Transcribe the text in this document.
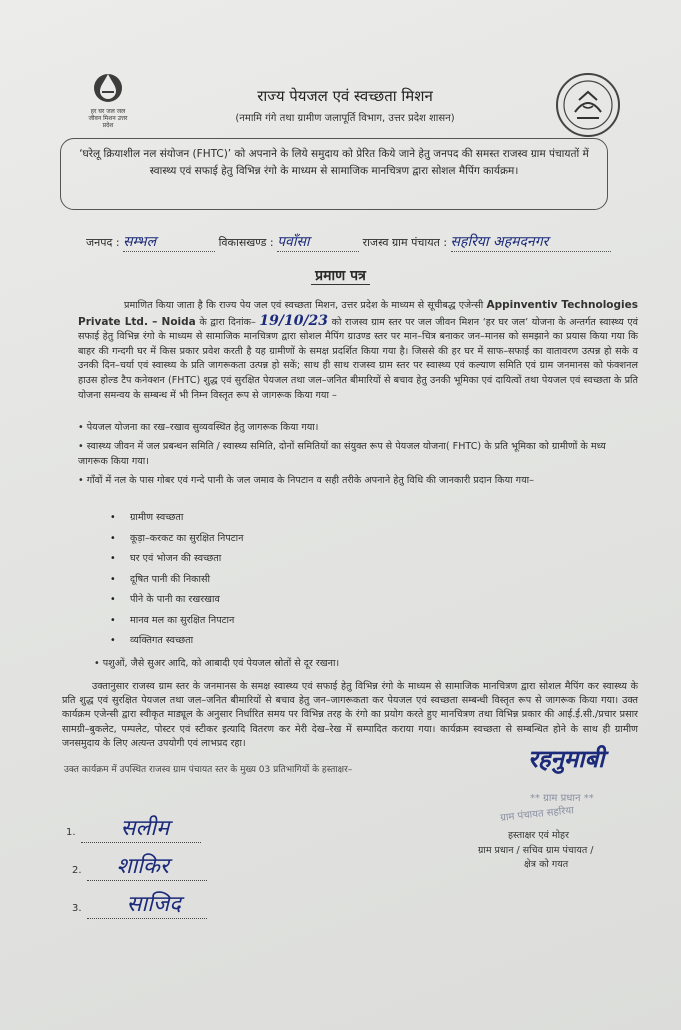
हर घर जल जल जीवन मिशन उत्तर प्रदेश
राज्य पेयजल एवं स्वच्छता मिशन
(नमामि गंगे तथा ग्रामीण जलापूर्ति विभाग, उत्तर प्रदेश शासन)
‘घरेलू क्रियाशील नल संयोजन (FHTC)’ को अपनाने के लिये समुदाय को प्रेरित किये जाने हेतु जनपद की समस्त राजस्व ग्राम पंचायतों में स्वास्थ्य एवं सफाई हेतु विभिन्न रंगो के माध्यम से सामाजिक मानचित्रण द्वारा सोशल मैपिंग कार्यक्रम।
जनपद : सम्भल	विकासखण्ड : पवाँसा	राजस्व ग्राम पंचायत : सहरिया अहमदनगर
प्रमाण पत्र
प्रमाणित किया जाता है कि राज्य पेय जल एवं स्वच्छता मिशन, उत्तर प्रदेश के माध्यम से सूचीबद्ध एजेन्सी Appinventiv Technologies Private Ltd. – Noida के द्वारा दिनांक– 19/10/23 को राजस्व ग्राम स्तर पर जल जीवन मिशन ‘हर घर जल’ योजना के अन्तर्गत स्वास्थ्य एवं सफाई हेतु विभिन्न रंगो के माध्यम से सामाजिक मानचित्रण द्वारा सोशल मैपिंग ग्राउण्ड स्तर पर मान–चित्र बनाकर जन–मानस को समझाने का प्रयास किया गया कि बाहर की गन्दगी घर में किस प्रकार प्रवेश करती है यह ग्रामीणों के समक्ष प्रदर्शित किया गया है। जिससे की हर घर में साफ–सफाई का वातावरण उत्पन्न हो सके व उनकी दिन–चर्या एवं स्वास्थ्य के प्रति जागरूकता उत्पन्न हो सकें; साथ ही साथ राजस्व ग्राम स्तर पर स्वास्थ्य एवं कल्याण समिति एवं ग्राम जनमानस को फंक्शनल हाउस होल्ड टैप कनेक्शन (FHTC) शुद्ध एवं सुरक्षित पेयजल तथा जल–जनित बीमारियों से बचाव हेतु उनकी भूमिका एवं दायित्वों तथा पेयजल एवं स्वच्छता के प्रति योजना समन्वय के सम्बन्ध में भी निम्न विस्तृत रूप से जागरूक किया गया –
• पेयजल योजना का रख–रखाव सुव्यवस्थित हेतु जागरूक किया गया।
• स्वास्थ्य जीवन में जल प्रबन्धन समिति / स्वास्थ्य समिति, दोनों समितियों का संयुक्त रूप से पेयजल योजना( FHTC) के प्रति भूमिका को ग्रामीणों के मध्य जागरूक किया गया।
• गाँवों में नल के पास गोबर एवं गन्दे पानी के जल जमाव के निपटान व सही तरीके अपनाने हेतु विधि की जानकारी प्रदान किया गया–
• ग्रामीण स्वच्छता
• कूड़ा–करकट का सुरक्षित निपटान
• घर एवं भोजन की स्वच्छता
• दूषित पानी की निकासी
• पीने के पानी का रखरखाव
• मानव मल का सुरक्षित निपटान
• व्यक्तिगत स्वच्छता
• पशुओं, जैसे सुअर आदि, को आबादी एवं पेयजल स्रोतों से दूर रखना।
उक्तानुसार राजस्व ग्राम स्तर के जनमानस के समक्ष स्वास्थ्य एवं सफाई हेतु विभिन्न रंगो के माध्यम से सामाजिक मानचित्रण द्वारा सोशल मैपिंग कर स्वास्थ्य के प्रति शुद्ध एवं सुरक्षित पेयजल तथा जल–जनित बीमारियों से बचाव हेतु जन–जागरूकता कर पेयजल एवं स्वच्छता सम्बन्धी विस्तृत रूप से जागरूक किया गया। उक्त कार्यक्रम एजेन्सी द्वारा स्वीकृत माड्यूल के अनुसार निर्धारित समय पर विभिन्न तरह के रंगो का प्रयोग करते हुए मानचित्रण तथा विभिन्न प्रकार की आई.ई.सी./प्रचार प्रसार सामग्री–बुकलेट, पम्पलेट, पोस्टर एवं स्टीकर इत्यादि वितरण कर मेरी देख–रेख में सम्पादित कराया गया। कार्यक्रम स्वच्छता से सम्बन्धित होने के साथ ही ग्रामीण जनसमुदाय के लिए अत्यन्त उपयोगी एवं लाभप्रद रहा।
उक्त कार्यक्रम में उपस्थित राजस्व ग्राम पंचायत स्तर के मुख्य 03 प्रतिभागियों के हस्ताक्षर–
1. सलीम
2. शाकिर
3. साजिद
रहनुमाबी
** ग्राम प्रधान **
ग्राम पंचायत सहरिया
हस्ताक्षर एवं मोहर
ग्राम प्रधान / सचिव ग्राम पंचायत /
क्षेत्र को गयत
